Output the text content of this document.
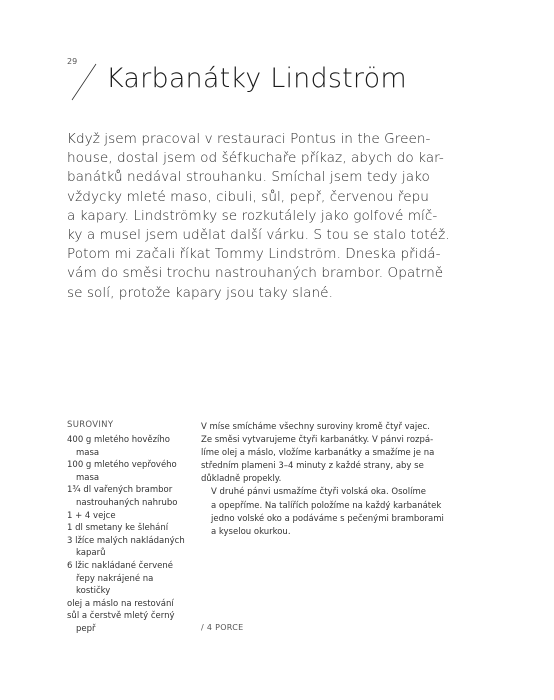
29
Karbanátky Lindström
Když jsem pracoval v restauraci Pontus in the Green-
house, dostal jsem od šéfkuchaře příkaz, abych do kar-
banátků nedával strouhanku. Smíchal jsem tedy jako
vždycky mleté maso, cibuli, sůl, pepř, červenou řepu
a kapary. Lindströmky se rozkutálely jako golfové míč-
ky a musel jsem udělat další várku. S tou se stalo totéž.
Potom mi začali říkat Tommy Lindström. Dneska přidá-
vám do směsi trochu nastrouhaných brambor. Opatrně
se solí, protože kapary jsou taky slané.
SUROVINY
400 g mletého hovězího
masa
100 g mletého vepřového
masa
1¾ dl vařených brambor
nastrouhaných nahrubo
1 + 4 vejce
1 dl smetany ke šlehání
3 lžíce malých nakládaných
kaparů
6 lžic nakládané červené
řepy nakrájené na
kostičky
olej a máslo na restování
sůl a čerstvě mletý černý
pepř
V míse smícháme všechny suroviny kromě čtyř vajec.
Ze směsi vytvarujeme čtyři karbanátky. V pánvi rozpá-
líme olej a máslo, vložíme karbanátky a smažíme je na
středním plameni 3–4 minuty z každé strany, aby se
důkladně propekly.
V druhé pánvi usmažíme čtyři volská oka. Osolíme
a opepříme. Na talířích položíme na každý karbanátek
jedno volské oko a podáváme s pečenými bramborami
a kyselou okurkou.
/ 4 PORCE
